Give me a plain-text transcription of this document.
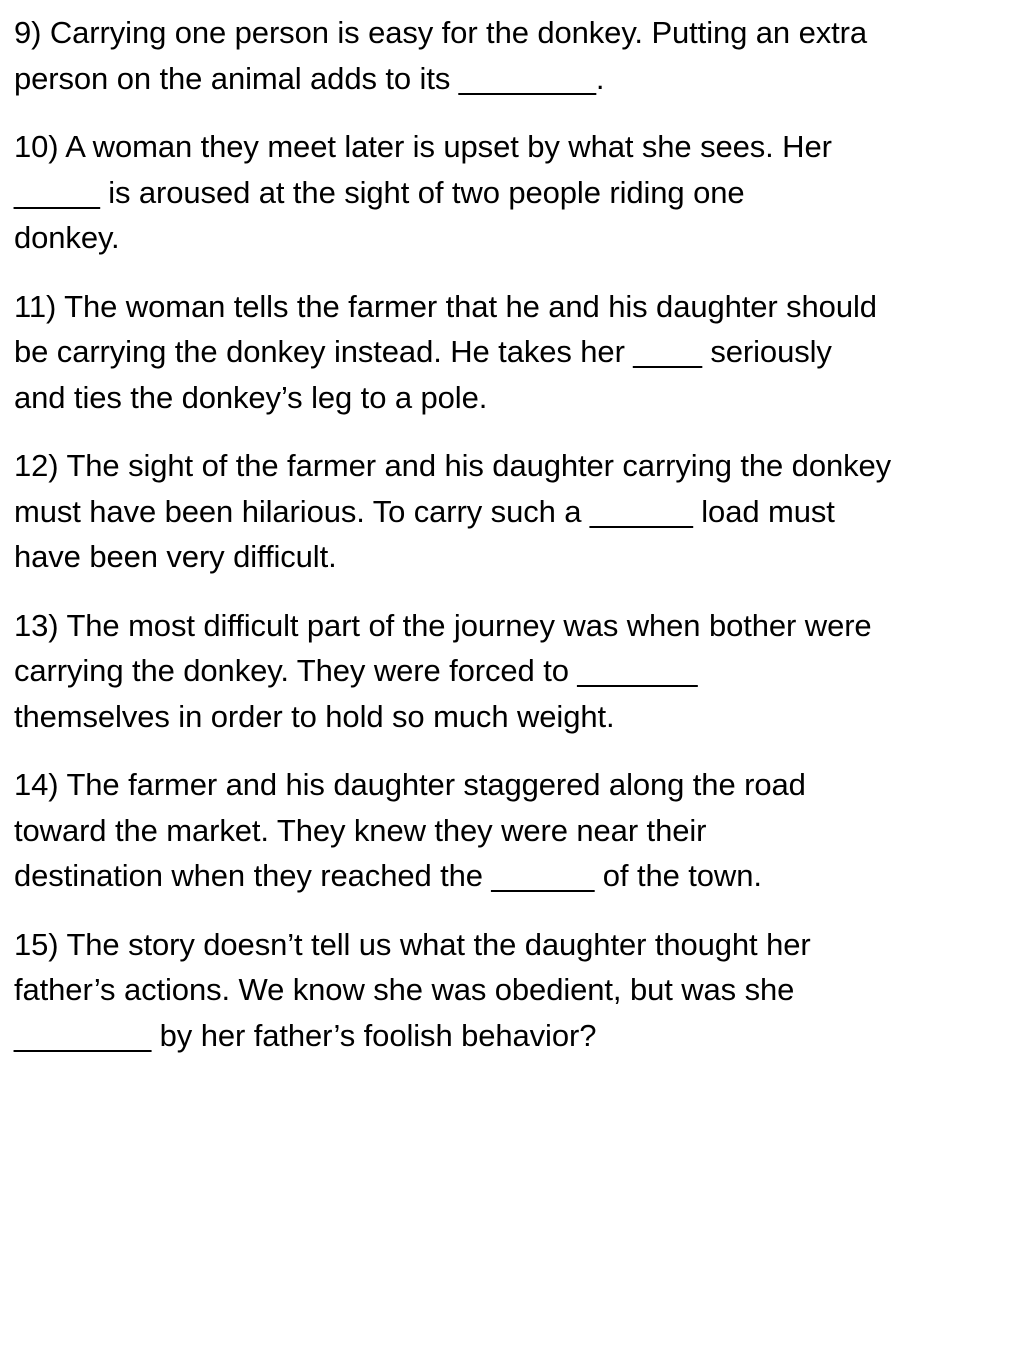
9) Carrying one person is easy for the donkey. Putting an extra
person on the animal adds to its ________.
10) A woman they meet later is upset by what she sees. Her
_____ is aroused at the sight of two people riding one
donkey.
11) The woman tells the farmer that he and his daughter should
be carrying the donkey instead. He takes her ____ seriously
and ties the donkey’s leg to a pole.
12) The sight of the farmer and his daughter carrying the donkey
must have been hilarious. To carry such a ______ load must
have been very difficult.
13) The most difficult part of the journey was when bother were
carrying the donkey. They were forced to _______
themselves in order to hold so much weight.
14) The farmer and his daughter staggered along the road
toward the market. They knew they were near their
destination when they reached the ______ of the town.
15) The story doesn’t tell us what the daughter thought her
father’s actions. We know she was obedient, but was she
________ by her father’s foolish behavior?
